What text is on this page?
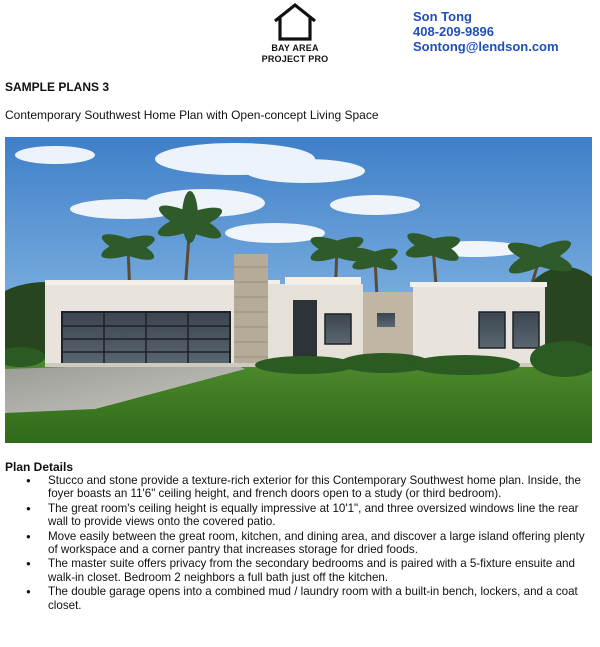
BAY AREA
PROJECT PRO
Son Tong
408-209-9896
Sontong@lendson.com
SAMPLE PLANS 3
Contemporary Southwest Home Plan with Open-concept Living Space
Plan Details
● Stucco and stone provide a texture-rich exterior for this Contemporary Southwest home plan. Inside, the foyer boasts an 11'6" ceiling height, and french doors open to a study (or third bedroom).
● The great room's ceiling height is equally impressive at 10'1", and three oversized windows line the rear wall to provide views onto the covered patio.
● Move easily between the great room, kitchen, and dining area, and discover a large island offering plenty of workspace and a corner pantry that increases storage for dried foods.
● The master suite offers privacy from the secondary bedrooms and is paired with a 5-fixture ensuite and walk-in closet. Bedroom 2 neighbors a full bath just off the kitchen.
● The double garage opens into a combined mud / laundry room with a built-in bench, lockers, and a coat closet.
